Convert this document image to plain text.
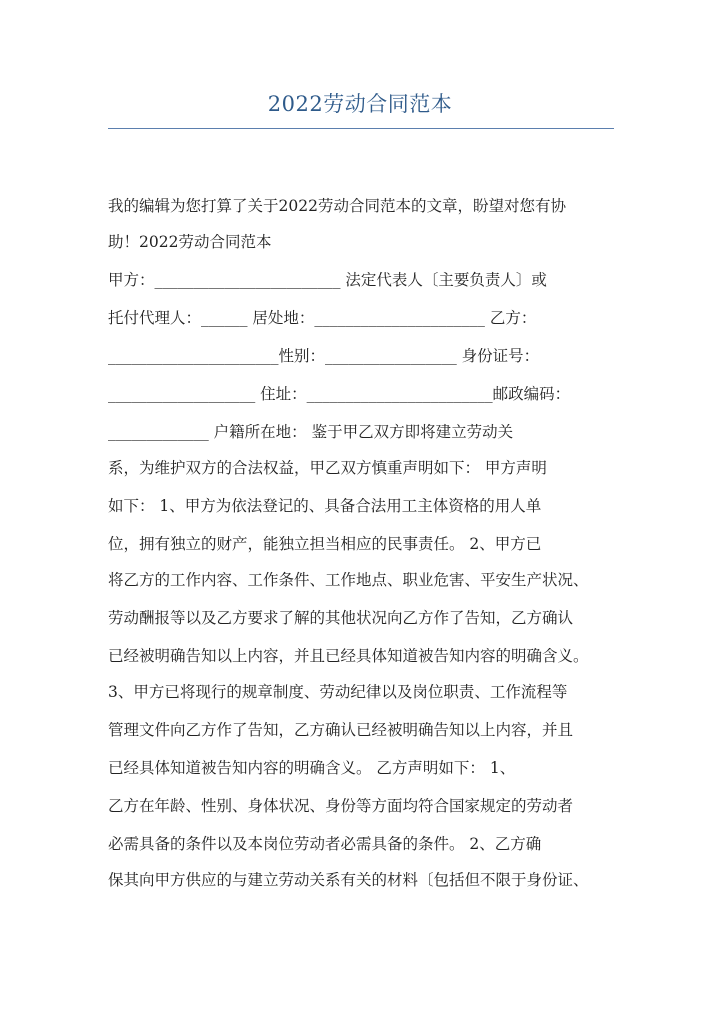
2022劳动合同范本
我的编辑为您打算了关于2022劳动合同范本的文章，盼望对您有协
助！2022劳动合同范本
甲方：________________________ 法定代表人〔主要负责人〕或
托付代理人：______ 居处地：______________________ 乙方：
______________________性别：_________________ 身份证号：
___________________ 住址：________________________邮政编码：
_____________ 户籍所在地： 鉴于甲乙双方即将建立劳动关
系，为维护双方的合法权益，甲乙双方慎重声明如下： 甲方声明
如下： 1、甲方为依法登记的、具备合法用工主体资格的用人单
位，拥有独立的财产，能独立担当相应的民事责任。 2、甲方已
将乙方的工作内容、工作条件、工作地点、职业危害、平安生产状况、
劳动酬报等以及乙方要求了解的其他状况向乙方作了告知，乙方确认
已经被明确告知以上内容，并且已经具体知道被告知内容的明确含义。
3、甲方已将现行的规章制度、劳动纪律以及岗位职责、工作流程等
管理文件向乙方作了告知，乙方确认已经被明确告知以上内容，并且
已经具体知道被告知内容的明确含义。 乙方声明如下： 1、
乙方在年龄、性别、身体状况、身份等方面均符合国家规定的劳动者
必需具备的条件以及本岗位劳动者必需具备的条件。 2、乙方确
保其向甲方供应的与建立劳动关系有关的材料〔包括但不限于身份证、
